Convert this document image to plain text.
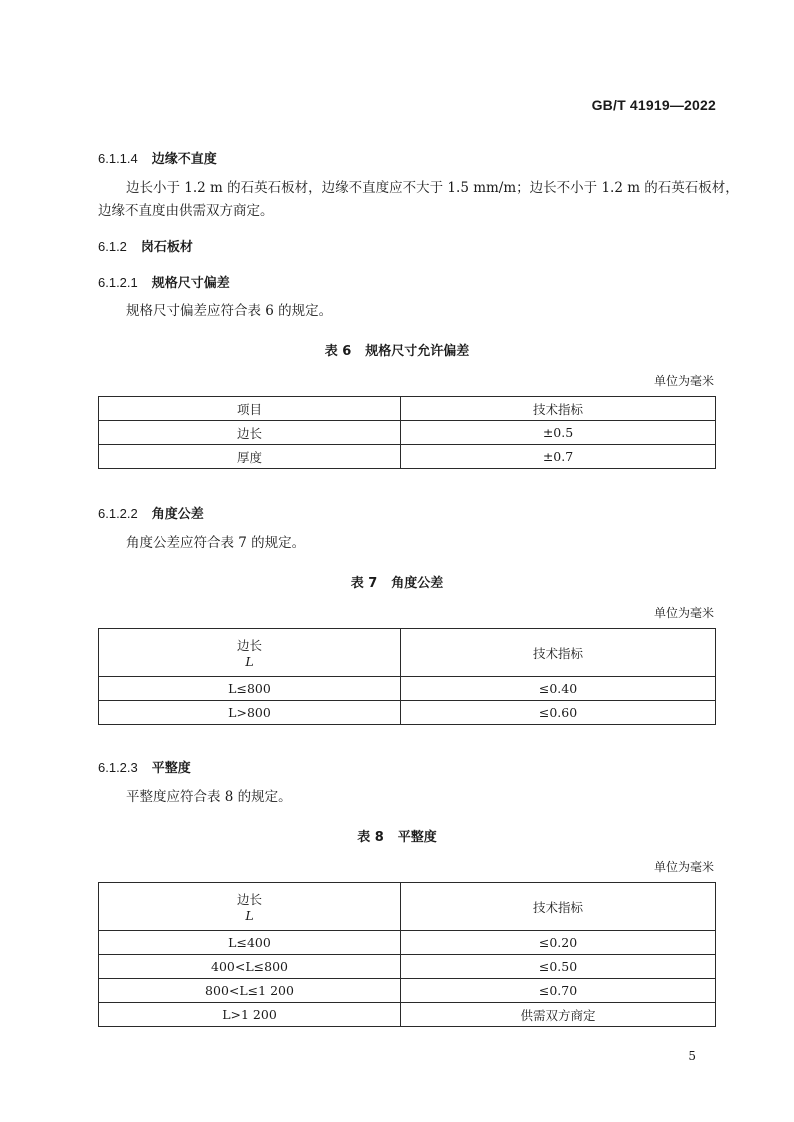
GB/T 41919—2022
6.1.1.4 边缘不直度
边长小于 1.2 m 的石英石板材，边缘不直度应不大于 1.5 mm/m；边长不小于 1.2 m 的石英石板材，
边缘不直度由供需双方商定。
6.1.2 岗石板材
6.1.2.1 规格尺寸偏差
规格尺寸偏差应符合表 6 的规定。
表 6 规格尺寸允许偏差
单位为毫米
项目	技术指标
边长	±0.5
厚度	±0.7
6.1.2.2 角度公差
角度公差应符合表 7 的规定。
表 7 角度公差
单位为毫米
边长
L	技术指标
L≤800	≤0.40
L>800	≤0.60
6.1.2.3 平整度
平整度应符合表 8 的规定。
表 8 平整度
单位为毫米
边长
L	技术指标
L≤400	≤0.20
400<L≤800	≤0.50
800<L≤1 200	≤0.70
L>1 200	供需双方商定
5
